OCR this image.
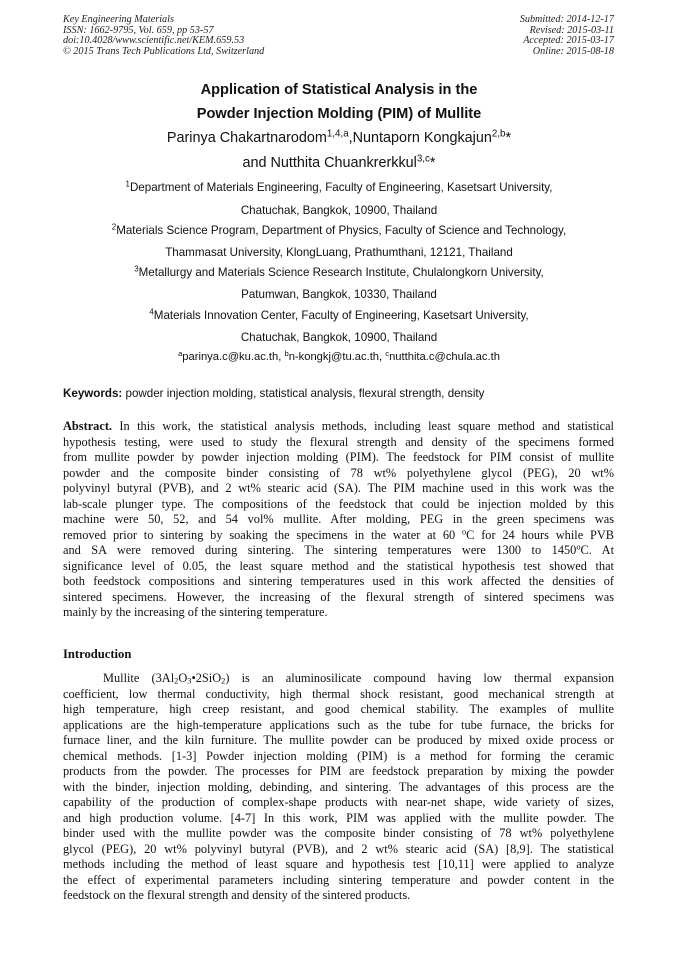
Key Engineering Materials
ISSN: 1662-9795, Vol. 659, pp 53-57
doi:10.4028/www.scientific.net/KEM.659.53
© 2015 Trans Tech Publications Ltd, Switzerland
Submitted: 2014-12-17
Revised: 2015-03-11
Accepted: 2015-03-17
Online: 2015-08-18
Application of Statistical Analysis in the
Powder Injection Molding (PIM) of Mullite
Parinya Chakartnarodom$^{1,4,a}$,Nuntaporn Kongkajun$^{2,b}$*
and Nutthita Chuankrerkkul$^{3,c}$*
$^1$Department of Materials Engineering, Faculty of Engineering, Kasetsart University,
Chatuchak, Bangkok, 10900, Thailand
$^2$Materials Science Program, Department of Physics, Faculty of Science and Technology,
Thammasat University, KlongLuang, Prathumthani, 12121, Thailand
$^3$Metallurgy and Materials Science Research Institute, Chulalongkorn University,
Patumwan, Bangkok, 10330, Thailand
$^4$Materials Innovation Center, Faculty of Engineering, Kasetsart University,
Chatuchak, Bangkok, 10900, Thailand
$^a$parinya.c@ku.ac.th, $^b$n-kongkj@tu.ac.th, $^c$nutthita.c@chula.ac.th
Keywords: powder injection molding, statistical analysis, flexural strength, density
Abstract. In this work, the statistical analysis methods, including least square method and statistical
hypothesis testing, were used to study the flexural strength and density of the specimens formed
from mullite powder by powder injection molding (PIM). The feedstock for PIM consist of mullite
powder and the composite binder consisting of 78 wt% polyethylene glycol (PEG), 20 wt%
polyvinyl butyral (PVB), and 2 wt% stearic acid (SA). The PIM machine used in this work was the
lab-scale plunger type. The compositions of the feedstock that could be injection molded by this
machine were 50, 52, and 54 vol% mullite. After molding, PEG in the green specimens was
removed prior to sintering by soaking the specimens in the water at 60 $^o$C for 24 hours while PVB
and SA were removed during sintering. The sintering temperatures were 1300 to 1450$^o$C. At
significance level of 0.05, the least square method and the statistical hypothesis test showed that
both feedstock compositions and sintering temperatures used in this work affected the densities of
sintered specimens. However, the increasing of the flexural strength of sintered specimens was
mainly by the increasing of the sintering temperature.
Introduction
Mullite $(3Al_2O_3•2SiO_2)$ is an aluminosilicate compound having low thermal expansion
coefficient, low thermal conductivity, high thermal shock resistant, good mechanical strength at
high temperature, high creep resistant, and good chemical stability. The examples of mullite
applications are the high-temperature applications such as the tube for tube furnace, the bricks for
furnace liner, and the kiln furniture. The mullite powder can be produced by mixed oxide process or
chemical methods. [1-3] Powder injection molding (PIM) is a method for forming the ceramic
products from the powder. The processes for PIM are feedstock preparation by mixing the powder
with the binder, injection molding, debinding, and sintering. The advantages of this process are the
capability of the production of complex-shape products with near-net shape, wide variety of sizes,
and high production volume. [4-7] In this work, PIM was applied with the mullite powder. The
binder used with the mullite powder was the composite binder consisting of 78 wt% polyethylene
glycol (PEG), 20 wt% polyvinyl butyral (PVB), and 2 wt% stearic acid (SA) [8,9]. The statistical
methods including the method of least square and hypothesis test [10,11] were applied to analyze
the effect of experimental parameters including sintering temperature and powder content in the
feedstock on the flexural strength and density of the sintered products.
